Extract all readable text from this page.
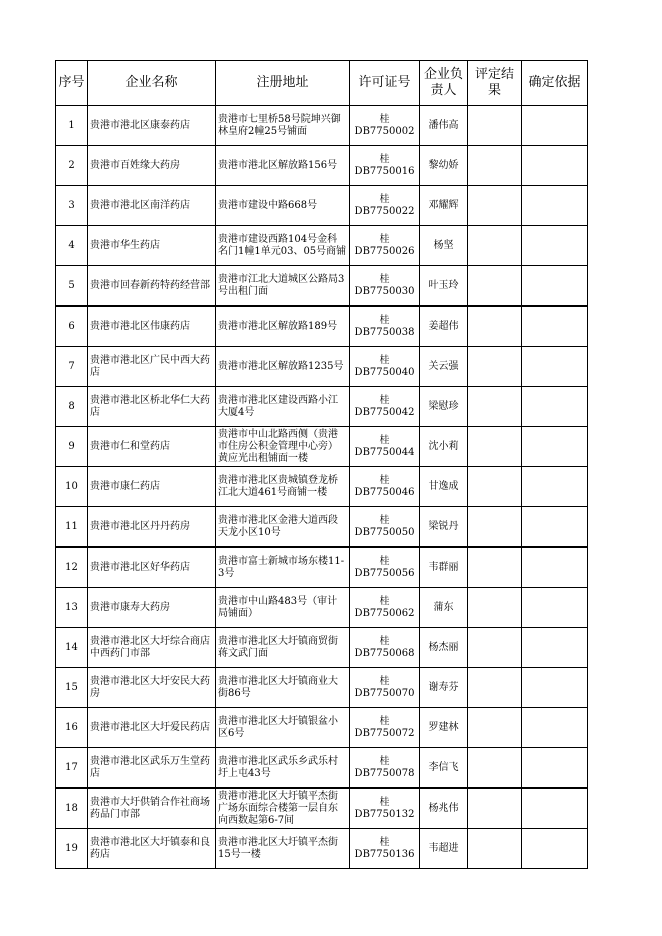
序号	企业名称	注册地址	许可证号	企业负责人	评定结果	确定依据
1	贵港市港北区康泰药店	贵港市七里桥58号院坤兴御林皇府2幢25号铺面	桂DB7750002	潘伟高		
2	贵港市百姓缘大药房	贵港市港北区解放路156号	桂DB7750016	黎幼娇		
3	贵港市港北区南洋药店	贵港市建设中路668号	桂DB7750022	邓耀辉		
4	贵港市华生药店	贵港市建设西路104号金科名门1幢1单元03、05号商铺	桂DB7750026	杨坚		
5	贵港市回春新药特药经营部	贵港市江北大道城区公路局3号出租门面	桂DB7750030	叶玉玲		
6	贵港市港北区伟康药店	贵港市港北区解放路189号	桂DB7750038	姜超伟		
7	贵港市港北区广民中西大药店	贵港市港北区解放路1235号	桂DB7750040	关云强		
8	贵港市港北区桥北华仁大药店	贵港市港北区建设西路小江大厦4号	桂DB7750042	梁慰珍		
9	贵港市仁和堂药店	贵港市中山北路西侧（贵港市住房公积金管理中心旁）黄应光出租铺面一楼	桂DB7750044	沈小莉		
10	贵港市康仁药店	贵港市港北区贵城镇登龙桥江北大道461号商铺一楼	桂DB7750046	甘逸成		
11	贵港市港北区丹丹药房	贵港市港北区金港大道西段天龙小区10号	桂DB7750050	梁锐丹		
12	贵港市港北区好华药店	贵港市富士新城市场东楼11-3号	桂DB7750056	韦群丽		
13	贵港市康寿大药房	贵港市中山路483号（审计局铺面）	桂DB7750062	蒲东		
14	贵港市港北区大圩综合商店中西药门市部	贵港市港北区大圩镇商贸街蒋文武门面	桂DB7750068	杨杰丽		
15	贵港市港北区大圩安民大药房	贵港市港北区大圩镇商业大街86号	桂DB7750070	谢寿芬		
16	贵港市港北区大圩爱民药店	贵港市港北区大圩镇银盆小区6号	桂DB7750072	罗建林		
17	贵港市港北区武乐万生堂药店	贵港市港北区武乐乡武乐村圩上屯43号	桂DB7750078	李信飞		
18	贵港市大圩供销合作社商场药品门市部	贵港市港北区大圩镇平杰街广场东面综合楼第一层自东向西数起第6-7间	桂DB7750132	杨兆伟		
19	贵港市港北区大圩镇泰和良药店	贵港市港北区大圩镇平杰街15号一楼	桂DB7750136	韦超进		
